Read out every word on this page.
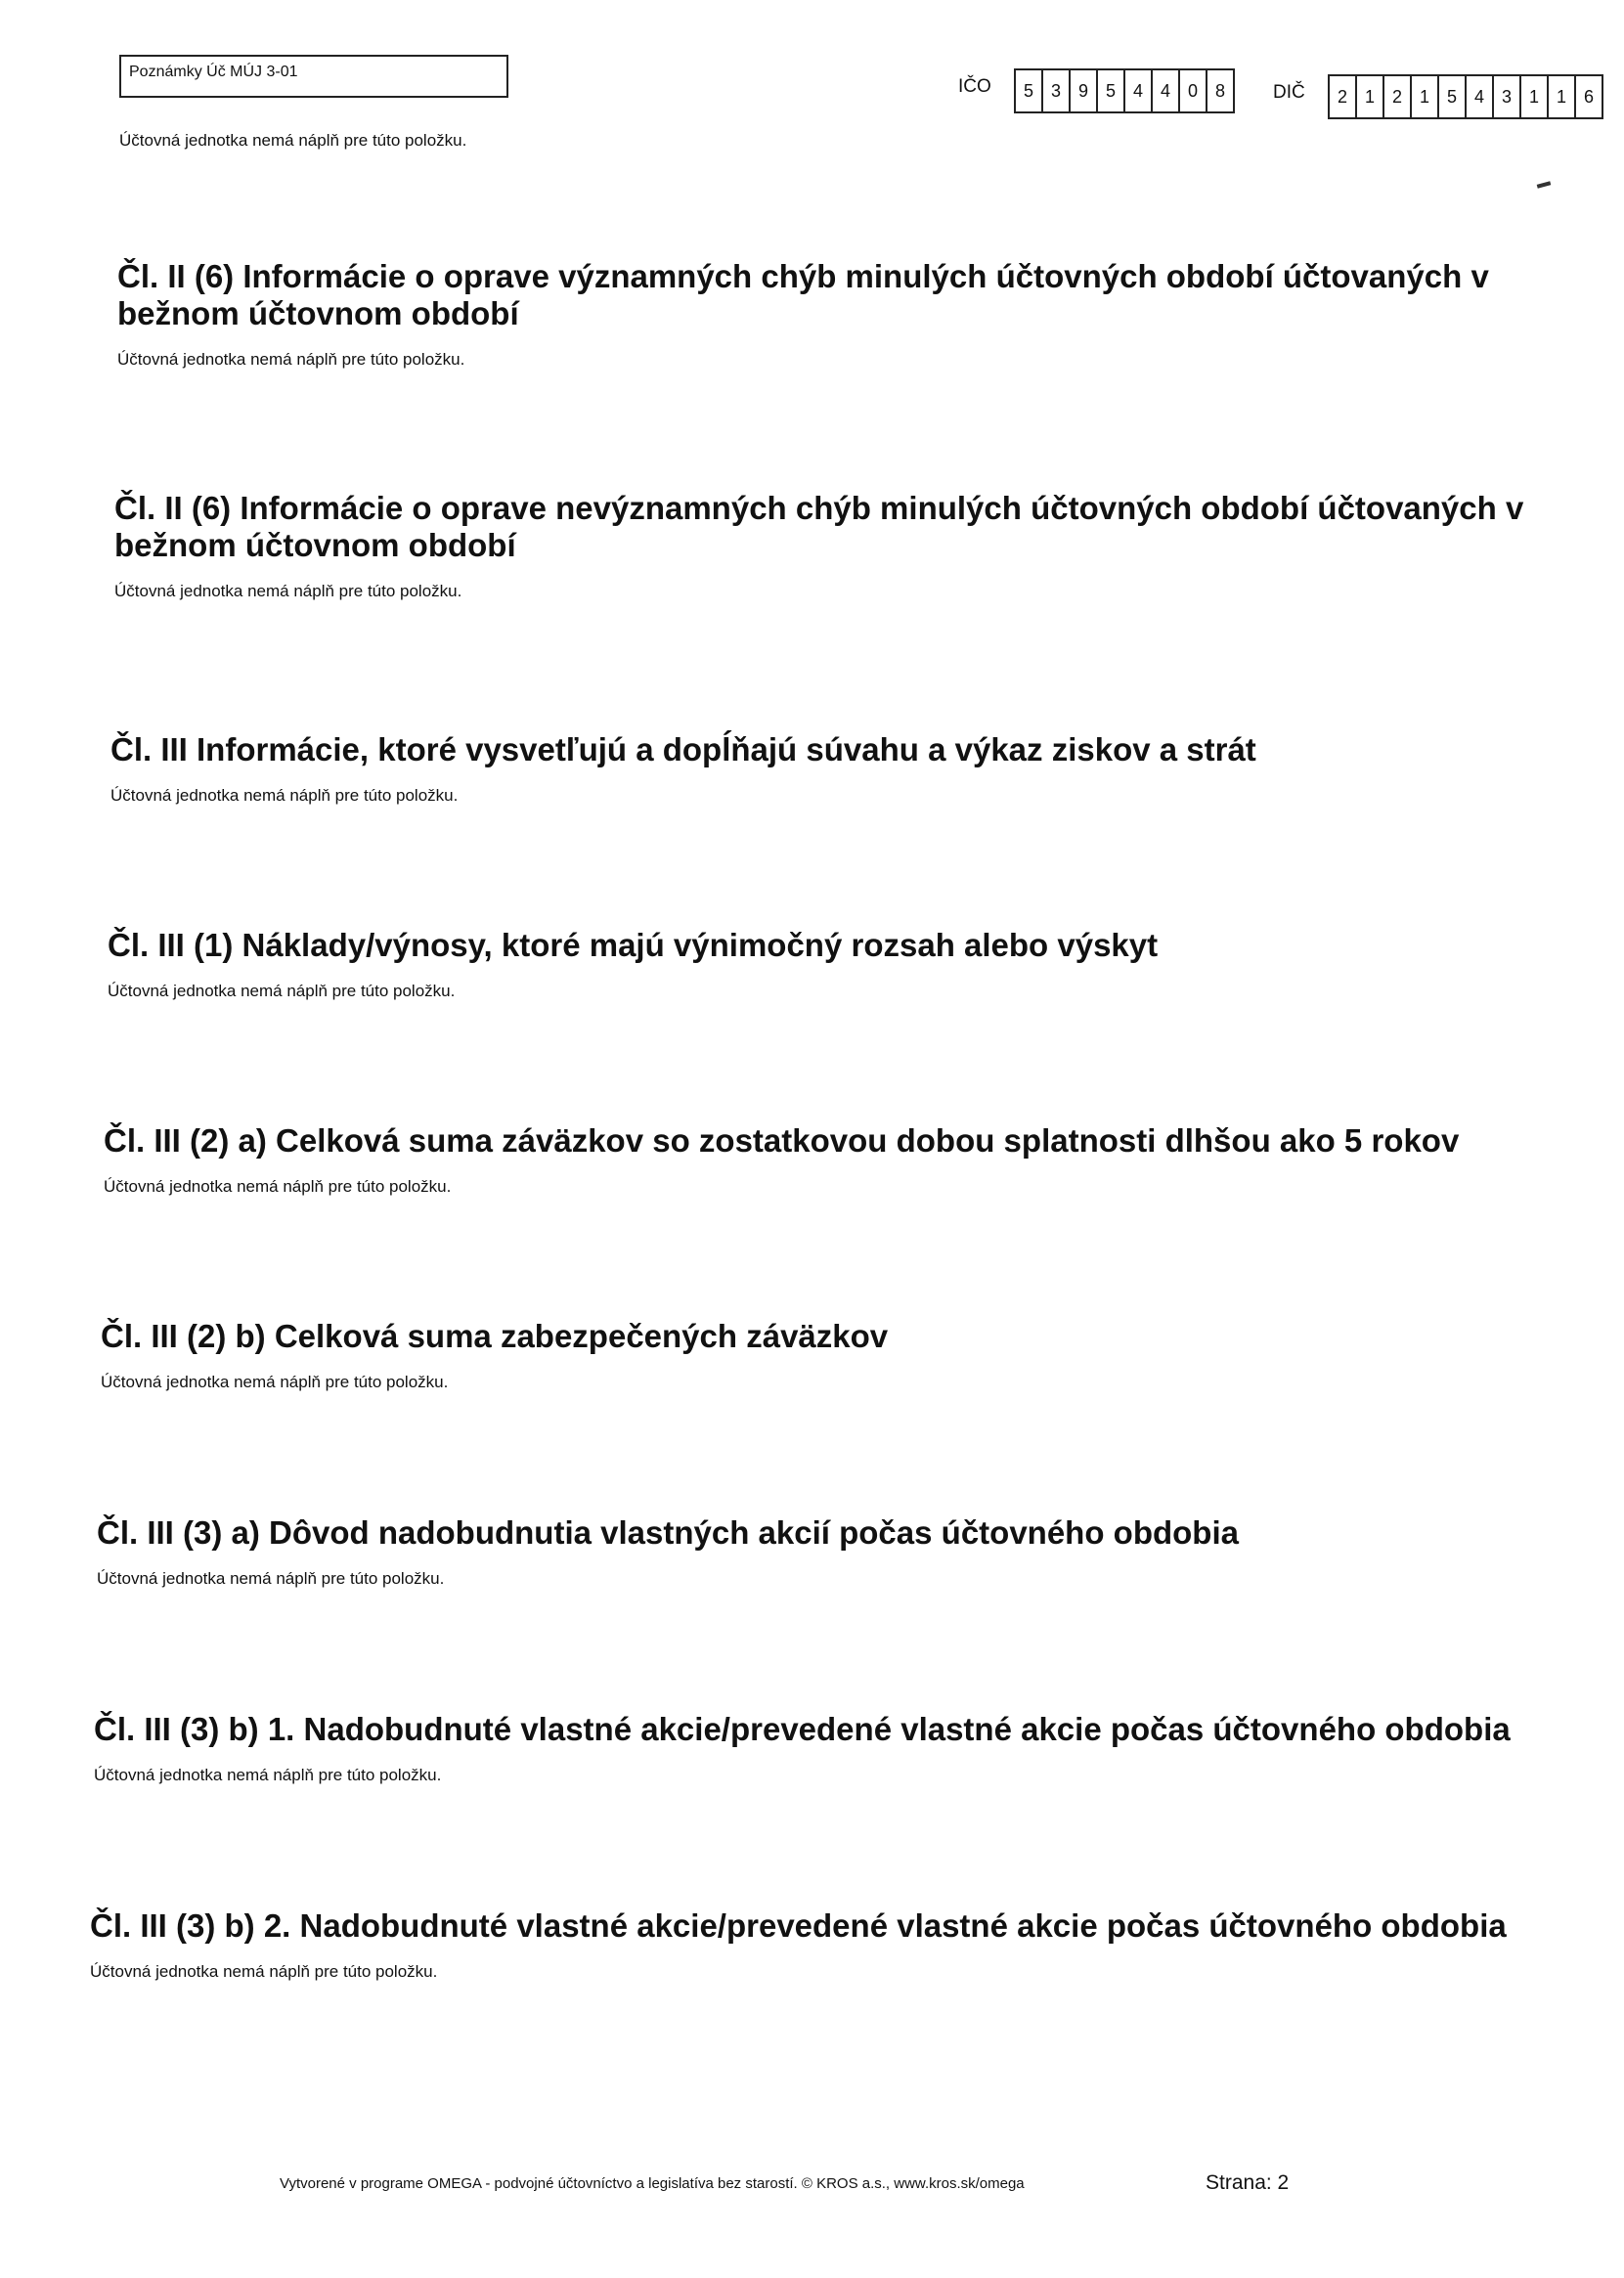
Poznámky Úč MÚJ 3-01
Účtovná jednotka nemá náplň pre túto položku.
IČO	5 3 9 5 4 4 0 8	DIČ	2 1 2 1 5 4 3 1 1 6
Čl. II (6) Informácie o oprave významných chýb minulých účtovných období účtovaných v bežnom účtovnom období
Účtovná jednotka nemá náplň pre túto položku.
Čl. II (6) Informácie o oprave nevýznamných chýb minulých účtovných období účtovaných v bežnom účtovnom období
Účtovná jednotka nemá náplň pre túto položku.
Čl. III Informácie, ktoré vysvetľujú a dopĺňajú súvahu a výkaz ziskov a strát
Účtovná jednotka nemá náplň pre túto položku.
Čl. III (1) Náklady/výnosy, ktoré majú výnimočný rozsah alebo výskyt
Účtovná jednotka nemá náplň pre túto položku.
Čl. III (2) a) Celková suma záväzkov so zostatkovou dobou splatnosti dlhšou ako 5 rokov
Účtovná jednotka nemá náplň pre túto položku.
Čl. III (2) b) Celková suma zabezpečených záväzkov
Účtovná jednotka nemá náplň pre túto položku.
Čl. III (3) a) Dôvod nadobudnutia vlastných akcií počas účtovného obdobia
Účtovná jednotka nemá náplň pre túto položku.
Čl. III (3) b) 1. Nadobudnuté vlastné akcie/prevedené vlastné akcie počas účtovného obdobia
Účtovná jednotka nemá náplň pre túto položku.
Čl. III (3) b) 2. Nadobudnuté vlastné akcie/prevedené vlastné akcie počas účtovného obdobia
Účtovná jednotka nemá náplň pre túto položku.
Vytvorené v programe OMEGA - podvojné účtovníctvo a legislatíva bez starostí. © KROS a.s., www.kros.sk/omega	Strana: 2
